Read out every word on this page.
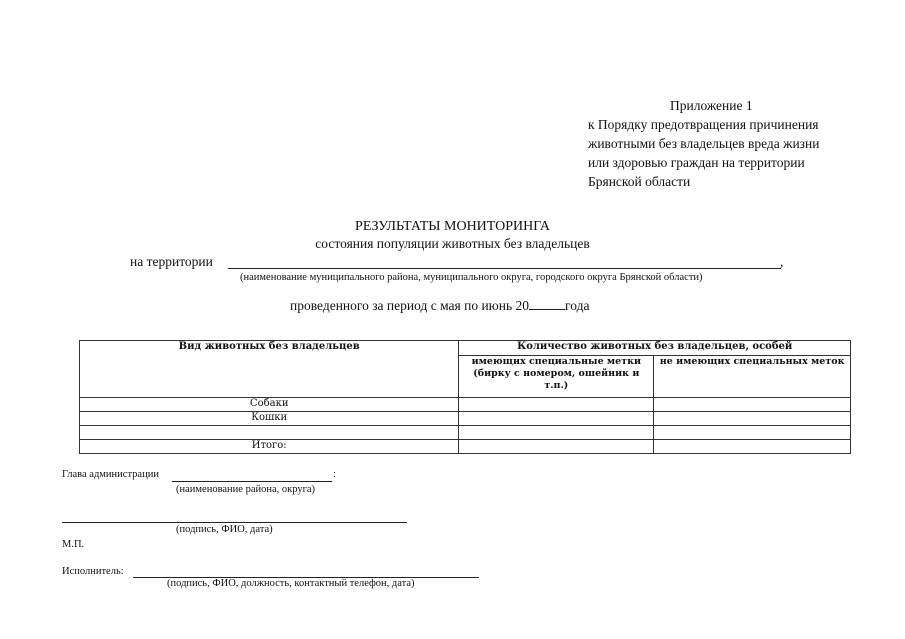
Приложение 1
к Порядку предотвращения причинения
животными без владельцев вреда жизни
или здоровью граждан на территории
Брянской области
РЕЗУЛЬТАТЫ МОНИТОРИНГА
состояния популяции животных без владельцев
на территории	,
(наименование муниципального района, муниципального округа, городского округа Брянской области)
проведенного за период с мая по июнь 20	года
Вид животных без владельцев	Количество животных без владельцев, особей	
	имеющих специальные метки (бирку с номером, ошейник и т.п.)	не имеющих специальных меток
Собаки		
Кошки		

Итого:		
Глава администрации	:
(наименование района, округа)
(подпись, ФИО, дата)
М.П.
Исполнитель:
(подпись, ФИО, должность, контактный телефон, дата)
